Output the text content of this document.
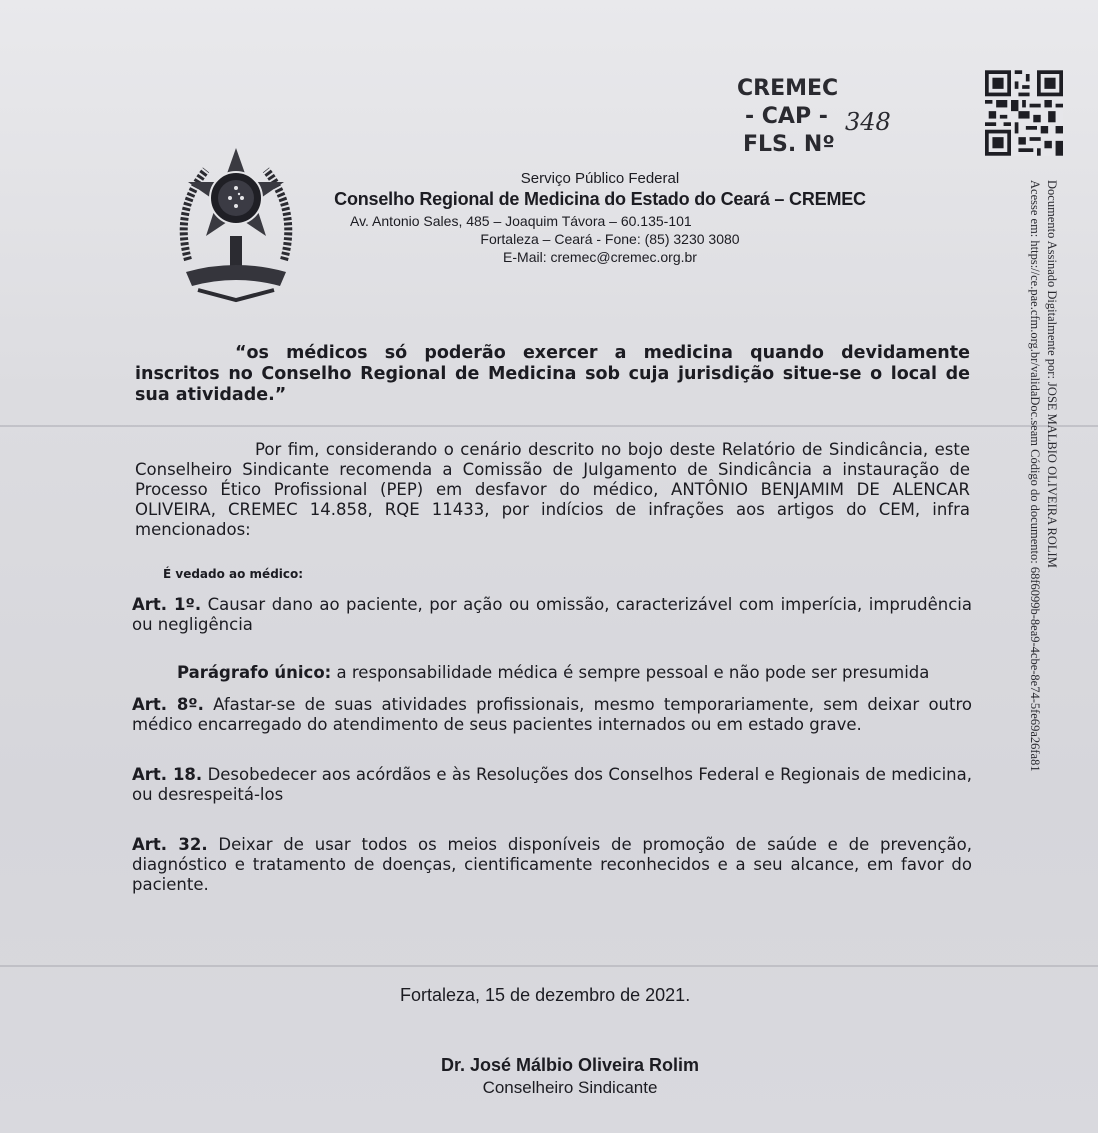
CREMEC
- CAP -
FLS. Nº
348
Serviço Público Federal
Conselho Regional de Medicina do Estado do Ceará – CREMEC
Av. Antonio Sales, 485 – Joaquim Távora – 60.135-101
Fortaleza – Ceará - Fone: (85) 3230 3080
E-Mail: cremec@cremec.org.br	Documento Assinado Digitalmente por: JOSE MALBIO OLIVEIRA ROLIM
Acesse em: https://ce.pae.cfm.org.br/validaDoc.seam Código do documento: 68f6099b-8ea9-4cbe-8e74-5fe69a26fa81

“os médicos só poderão exercer a medicina quando devidamente inscritos no Conselho Regional de Medicina sob cuja jurisdição situe-se o local de sua atividade.”

Por fim, considerando o cenário descrito no bojo deste Relatório de Sindicância, este Conselheiro Sindicante recomenda a Comissão de Julgamento de Sindicância a instauração de Processo Ético Profissional (PEP) em desfavor do médico, ANTÔNIO BENJAMIM DE ALENCAR OLIVEIRA, CREMEC 14.858, RQE 11433, por indícios de infrações aos artigos do CEM, infra mencionados:

É vedado ao médico:
Art. 1º. Causar dano ao paciente, por ação ou omissão, caracterizável com imperícia, imprudência ou negligência
Parágrafo único: a responsabilidade médica é sempre pessoal e não pode ser presumida
Art. 8º. Afastar-se de suas atividades profissionais, mesmo temporariamente, sem deixar outro médico encarregado do atendimento de seus pacientes internados ou em estado grave.
Art. 18. Desobedecer aos acórdãos e às Resoluções dos Conselhos Federal e Regionais de medicina, ou desrespeitá-los
Art. 32. Deixar de usar todos os meios disponíveis de promoção de saúde e de prevenção, diagnóstico e tratamento de doenças, cientificamente reconhecidos e a seu alcance, em favor do paciente.
Fortaleza, 15 de dezembro de 2021.
Dr. José Málbio Oliveira Rolim
Conselheiro Sindicante
